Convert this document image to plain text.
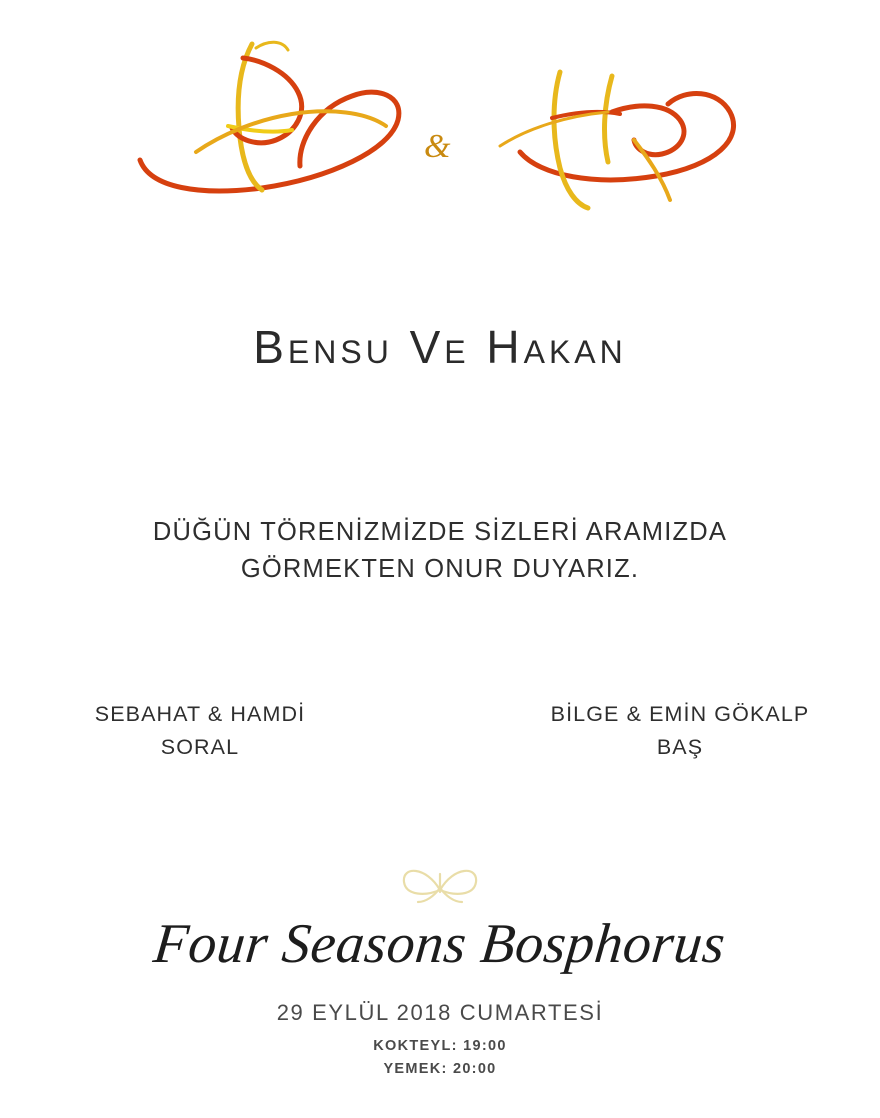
&
Bensu Ve Hakan
DÜĞÜN TÖRENİZMİZDE SİZLERİ ARAMIZDA
GÖRMEKTEN ONUR DUYARIZ.
SEBAHAT & HAMDİ
SORAL
BİLGE & EMİN GÖKALP
BAŞ
Four Seasons Bosphorus
29 EYLÜL 2018 CUMARTESİ
KOKTEYL: 19:00
YEMEK: 20:00
